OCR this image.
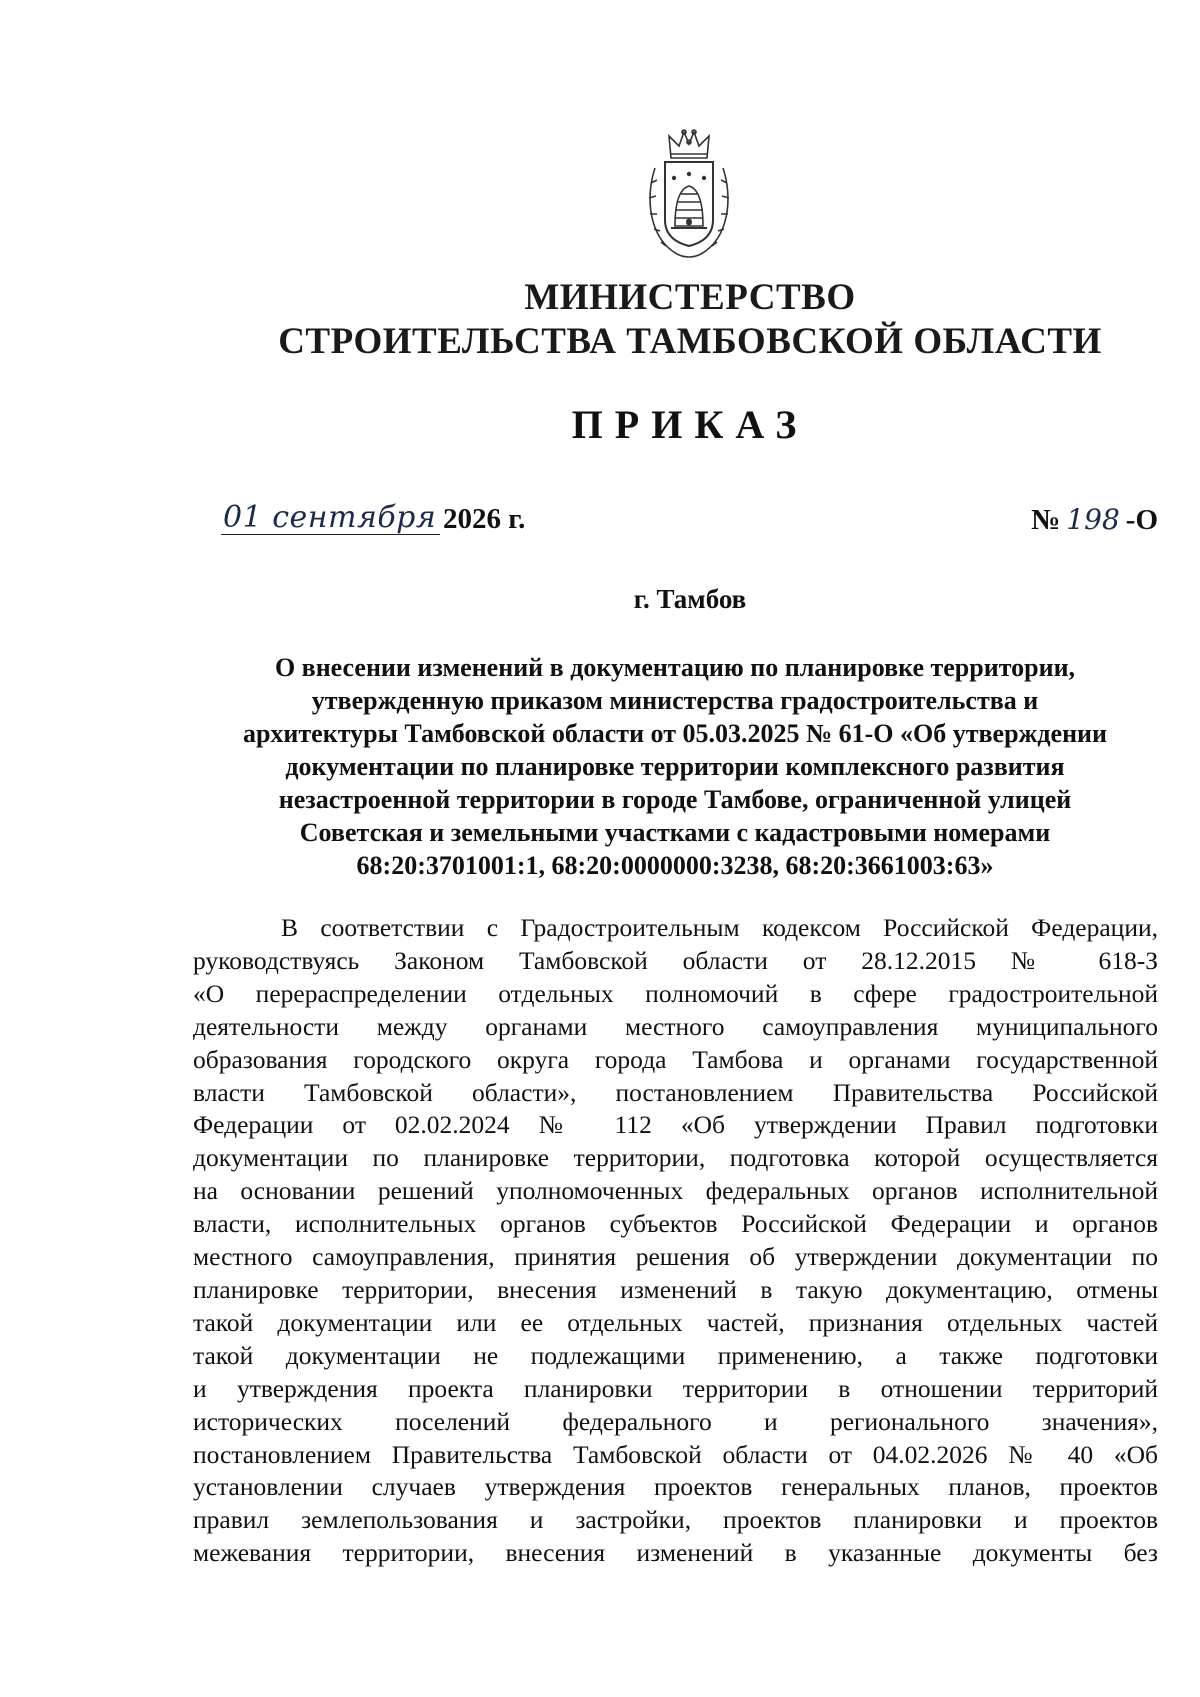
МИНИСТЕРСТВО
СТРОИТЕЛЬСТВА ТАМБОВСКОЙ ОБЛАСТИ
ПРИКАЗ
01 сентября 2026 г.	№ 198 -О
г. Тамбов
О внесении изменений в документацию по планировке территории,
утвержденную приказом министерства градостроительства и
архитектуры Тамбовской области от 05.03.2025 № 61-О «Об утверждении
документации по планировке территории комплексного развития
незастроенной территории в городе Тамбове, ограниченной улицей
Советская и земельными участками с кадастровыми номерами
68:20:3701001:1, 68:20:0000000:3238, 68:20:3661003:63»
В соответствии с Градостроительным кодексом Российской Федерации,
руководствуясь Законом Тамбовской области от 28.12.2015 № 618-З
«О перераспределении отдельных полномочий в сфере градостроительной
деятельности между органами местного самоуправления муниципального
образования городского округа города Тамбова и органами государственной
власти Тамбовской области», постановлением Правительства Российской
Федерации от 02.02.2024 № 112 «Об утверждении Правил подготовки
документации по планировке территории, подготовка которой осуществляется
на основании решений уполномоченных федеральных органов исполнительной
власти, исполнительных органов субъектов Российской Федерации и органов
местного самоуправления, принятия решения об утверждении документации по
планировке территории, внесения изменений в такую документацию, отмены
такой документации или ее отдельных частей, признания отдельных частей
такой документации не подлежащими применению, а также подготовки
и утверждения проекта планировки территории в отношении территорий
исторических поселений федерального и регионального значения»,
постановлением Правительства Тамбовской области от 04.02.2026 № 40 «Об
установлении случаев утверждения проектов генеральных планов, проектов
правил землепользования и застройки, проектов планировки и проектов
межевания территории, внесения изменений в указанные документы без
